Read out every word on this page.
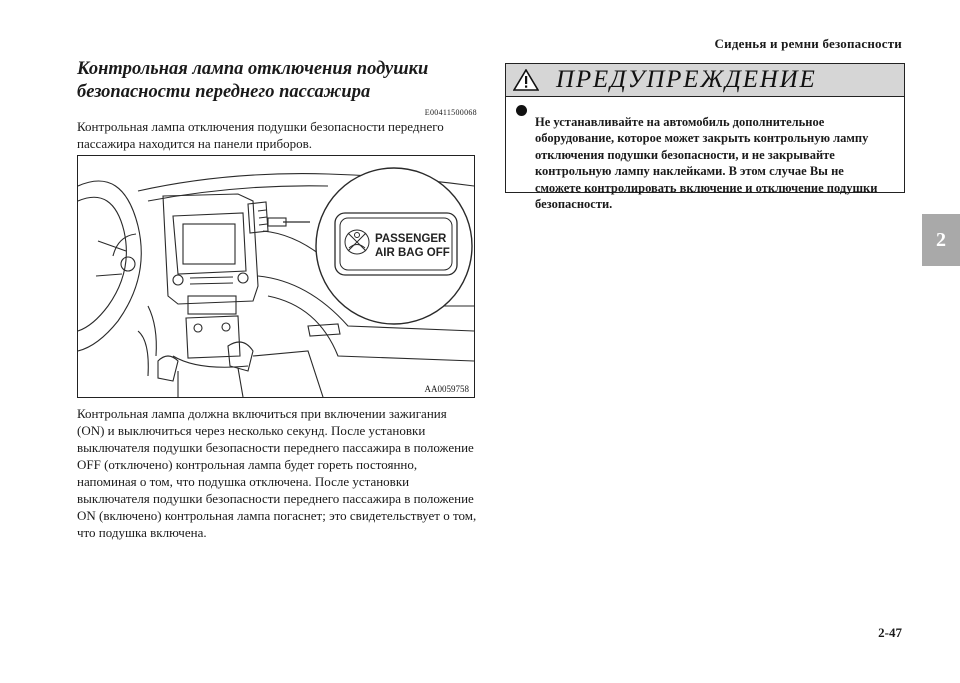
Сиденья и ремни безопасности
2
Контрольная лампа отключения подушки безопасности переднего пассажира
E00411500068

Контрольная лампа отключения подушки безопасности переднего пассажира находится на панели приборов.

PASSENGER
AIR BAG OFF
AA0059758

Контрольная лампа должна включиться при включении зажигания (ON) и выключиться через несколько секунд. После установки выключателя подушки безопасности переднего пассажира в положение OFF (отключено) контрольная лампа будет гореть постоянно, напоминая о том, что подушка отключена. После установки выключателя подушки безопасности переднего пассажира в положение ON (включено) контрольная лампа погаснет; это свидетельствует о том, что подушка включена.

ПРЕДУПРЕЖДЕНИЕ

Не устанавливайте на автомобиль дополнительное оборудование, которое может закрыть контрольную лампу отключения подушки безопасности, и не закрывайте контрольную лампу наклейками. В этом случае Вы не сможете контролировать включение и отключение подушки безопасности.

2-47
